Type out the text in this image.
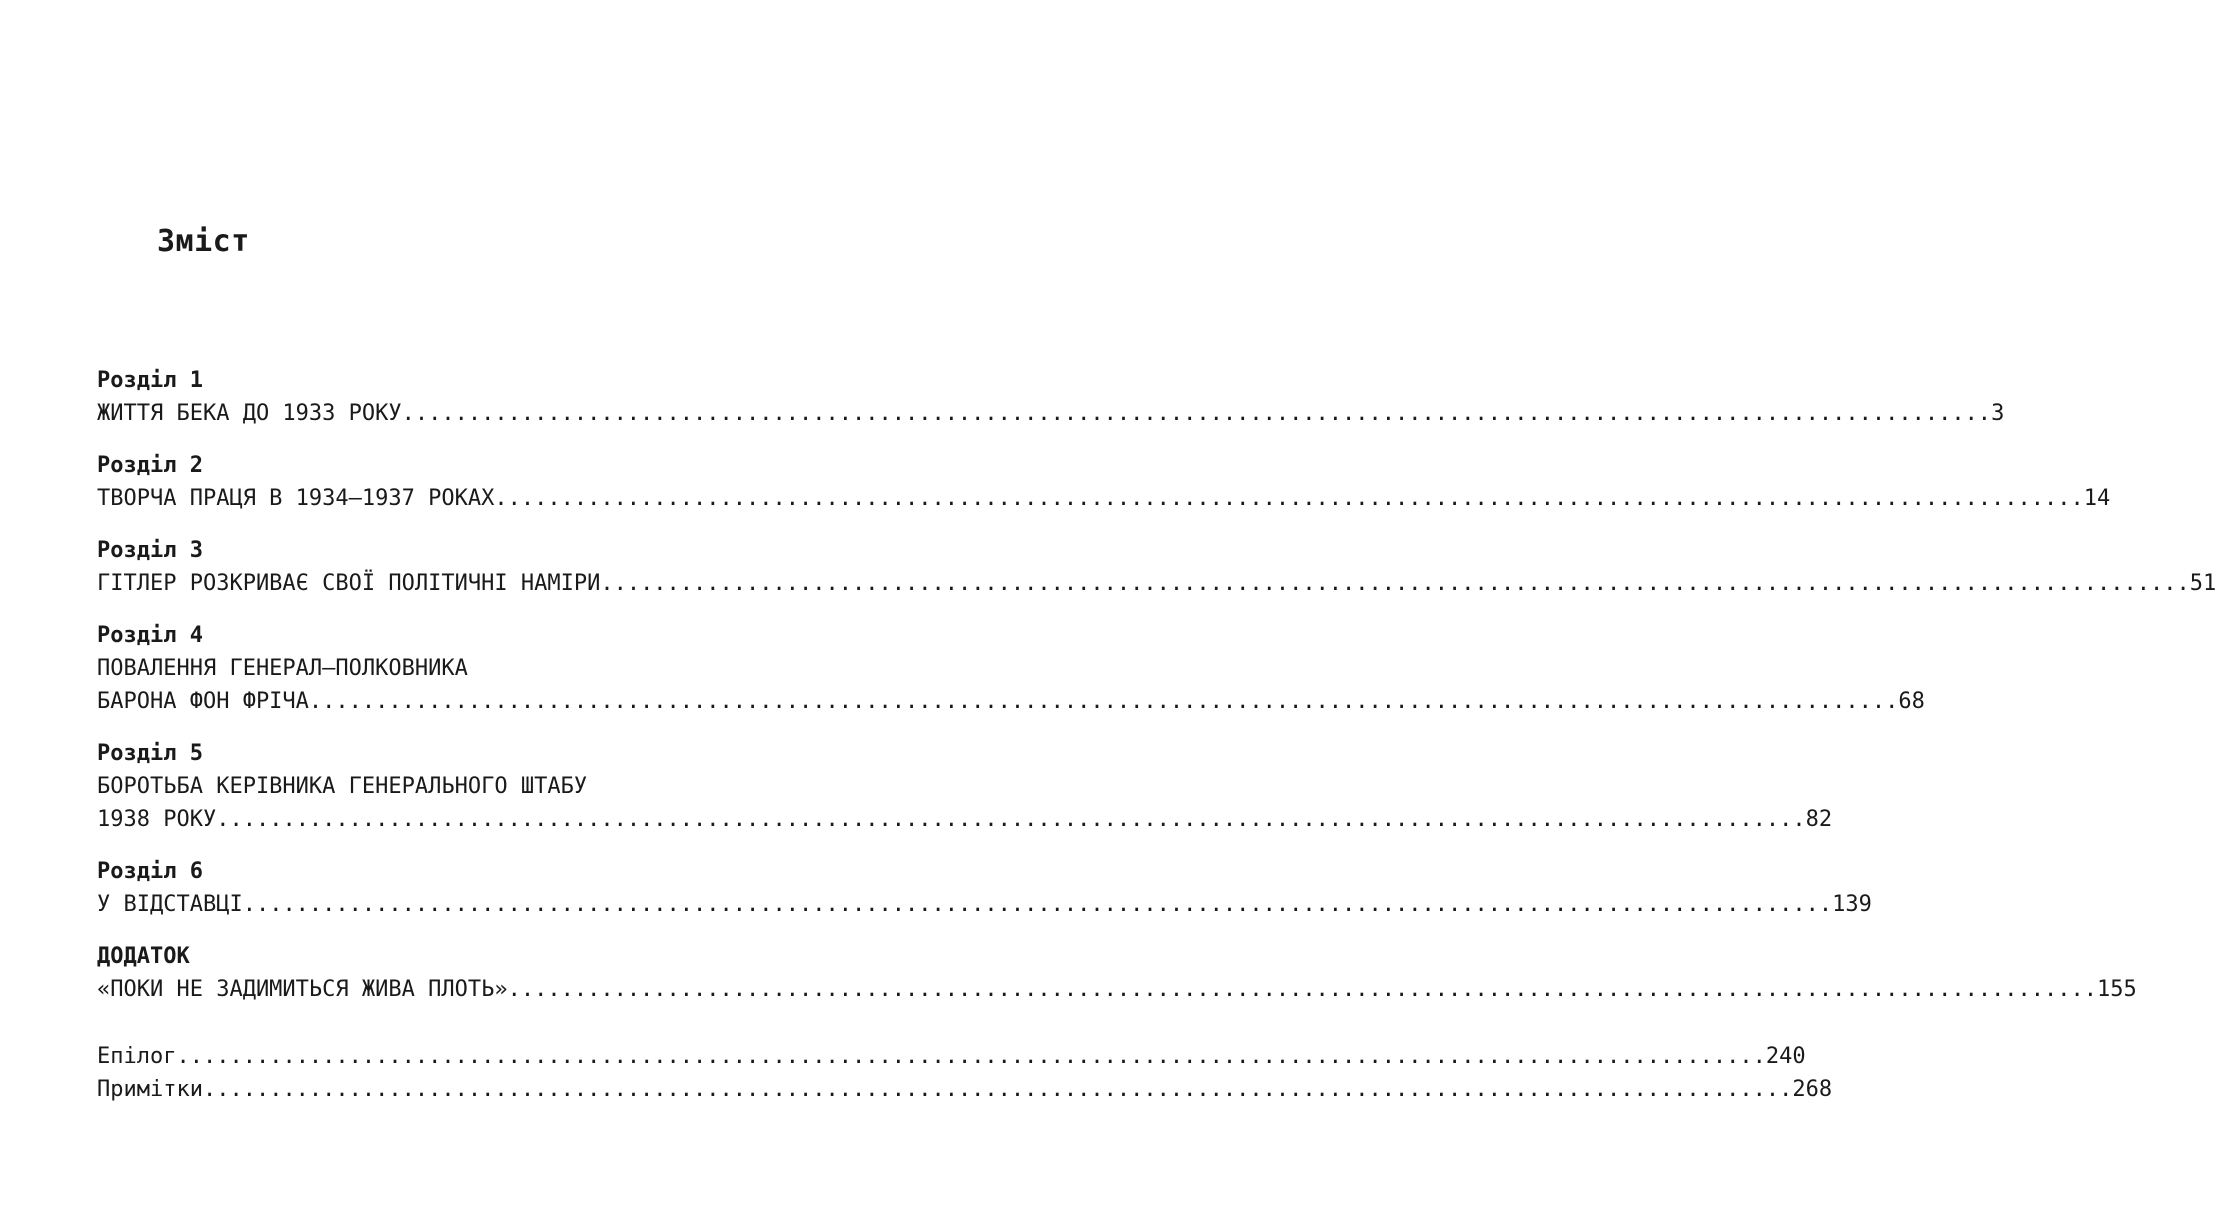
Зміст
Розділ 1
ЖИТТЯ БЕКА ДО 1933 РОКУ ........................................................................................................................ 3
Розділ 2
ТВОРЧА ПРАЦЯ В 1934–1937 РОКАХ ........................................................................................................................ 14
Розділ 3
ГІТЛЕР РОЗКРИВАЄ СВОЇ ПОЛІТИЧНІ НАМІРИ ........................................................................................................................ 51
Розділ 4
ПОВАЛЕННЯ ГЕНЕРАЛ–ПОЛКОВНИКА
БАРОНА ФОН ФРІЧА ........................................................................................................................ 68
Розділ 5
БОРОТЬБА КЕРІВНИКА ГЕНЕРАЛЬНОГО ШТАБУ
1938 РОКУ ........................................................................................................................ 82
Розділ 6
У ВІДСТАВЦІ ........................................................................................................................ 139
ДОДАТОК
«ПОКИ НЕ ЗАДИМИТЬСЯ ЖИВА ПЛОТЬ» ........................................................................................................................ 155
Епілог ........................................................................................................................ 240
Примітки ........................................................................................................................ 268
